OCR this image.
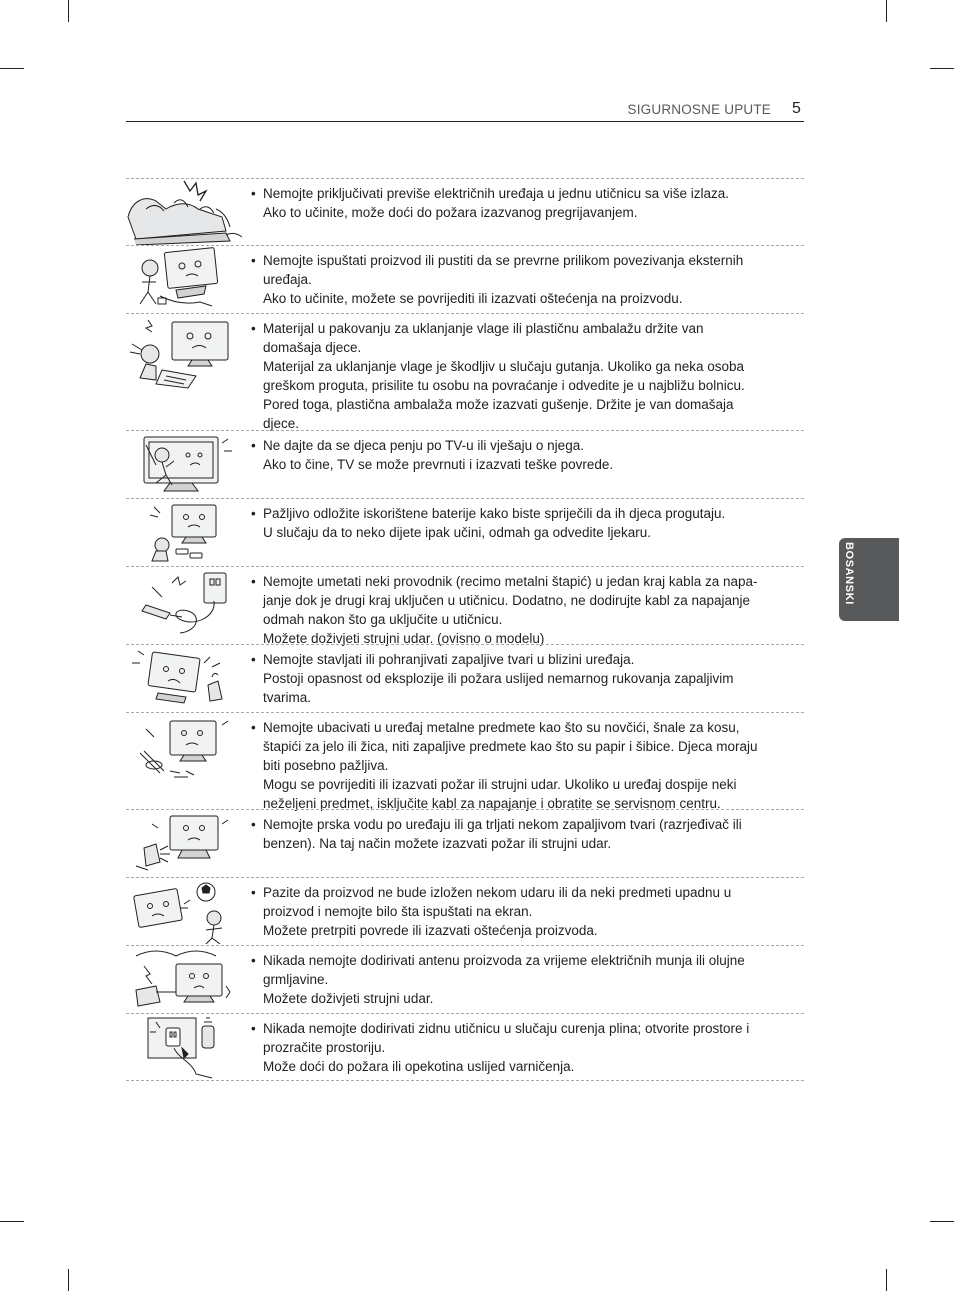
SIGURNOSNE UPUTE 5
BOSANSKI
• Nemojte priključivati previše električnih uređaja u jednu utičnicu sa više izlaza.

Ako to učinite, može doći do požara izazvanog pregrijavanjem.

• Nemojte ispuštati proizvod ili pustiti da se prevrne prilikom povezivanja eksternih

uređaja.

Ako to učinite, možete se povrijediti ili izazvati oštećenja na proizvodu.

• Materijal u pakovanju za uklanjanje vlage ili plastičnu ambalažu držite van

domašaja djece.

Materijal za uklanjanje vlage je škodljiv u slučaju gutanja. Ukoliko ga neka osoba

greškom proguta, prisilite tu osobu na povraćanje i odvedite je u najbližu bolnicu.

Pored toga, plastična ambalaža može izazvati gušenje. Držite je van domašaja

djece.

• Ne dajte da se djeca penju po TV-u ili vješaju o njega.

Ako to čine, TV se može prevrnuti i izazvati teške povrede.

• Pažljivo odložite iskorištene baterije kako biste spriječili da ih djeca progutaju.

U slučaju da to neko dijete ipak učini, odmah ga odvedite ljekaru.

• Nemojte umetati neki provodnik (recimo metalni štapić) u jedan kraj kabla za napa-

janje dok je drugi kraj uključen u utičnicu. Dodatno, ne dodirujte kabl za napajanje

odmah nakon što ga uključite u utičnicu.

Možete doživjeti strujni udar. (ovisno o modelu)

• Nemojte stavljati ili pohranjivati zapaljive tvari u blizini uređaja.

Postoji opasnost od eksplozije ili požara uslijed nemarnog rukovanja zapaljivim

tvarima.

• Nemojte ubacivati u uređaj metalne predmete kao što su novčići, šnale za kosu,

štapići za jelo ili žica, niti zapaljive predmete kao što su papir i šibice. Djeca moraju

biti posebno pažljiva.

Mogu se povrijediti ili izazvati požar ili strujni udar. Ukoliko u uređaj dospije neki

neželjeni predmet, isključite kabl za napajanje i obratite se servisnom centru.

• Nemojte prska vodu po uređaju ili ga trljati nekom zapaljivom tvari (razrjeđivač ili

benzen). Na taj način možete izazvati požar ili strujni udar.

• Pazite da proizvod ne bude izložen nekom udaru ili da neki predmeti upadnu u

proizvod i nemojte bilo šta ispuštati na ekran.

Možete pretrpiti povrede ili izazvati oštećenja proizvoda.

• Nikada nemojte dodirivati antenu proizvoda za vrijeme električnih munja ili olujne

grmljavine.

Možete doživjeti strujni udar.

• Nikada nemojte dodirivati zidnu utičnicu u slučaju curenja plina; otvorite prostore i

prozračite prostoriju.

Može doći do požara ili opekotina uslijed varničenja.
